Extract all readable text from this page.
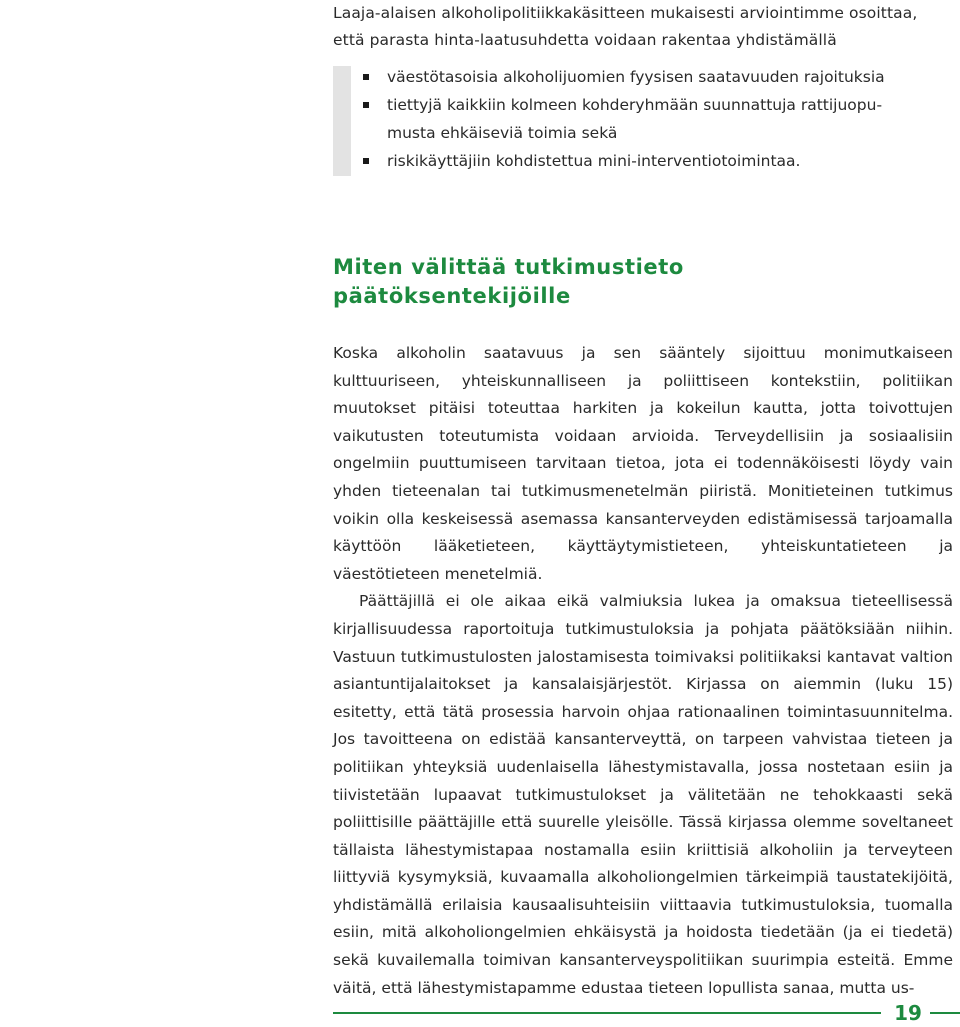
Laaja-alaisen alkoholipolitiikkakäsitteen mukaisesti arviointimme osoittaa,

että parasta hinta-laatusuhdetta voidaan rakentaa yhdistämällä

väestötasoisia alkoholijuomien fyysisen saatavuuden rajoituksia
tiettyjä kaikkiin kolmeen kohderyhmään suunnattuja rattijuopu-
musta ehkäiseviä toimia sekä
riskikäyttäjiin kohdistettua mini-interventiotoimintaa.
Miten välittää tutkimustieto
päätöksentekijöille

Koska alkoholin saatavuus ja sen sääntely sijoittuu monimutkaiseen kulttuuriseen, yhteiskunnalliseen ja poliittiseen kontekstiin, politiikan muutokset pitäisi toteuttaa harkiten ja kokeilun kautta, jotta toivottujen vaikutusten toteutumista voidaan arvioida. Terveydellisiin ja sosiaalisiin ongelmiin puuttumiseen tarvitaan tietoa, jota ei todennäköisesti löydy vain yhden tieteenalan tai tutkimusmenetelmän piiristä. Monitieteinen tutkimus voikin olla keskeisessä asemassa kansanterveyden edistämisessä tarjoamalla käyttöön lääketieteen, käyttäytymistieteen, yhteiskuntatieteen ja väestötieteen menetelmiä.

Päättäjillä ei ole aikaa eikä valmiuksia lukea ja omaksua tieteellisessä kirjallisuudessa raportoituja tutkimustuloksia ja pohjata päätöksiään niihin. Vastuun tutkimustulosten jalostamisesta toimivaksi politiikaksi kantavat valtion asiantuntijalaitokset ja kansalaisjärjestöt. Kirjassa on aiemmin (luku 15) esitetty, että tätä prosessia harvoin ohjaa rationaalinen toimintasuunnitelma. Jos tavoitteena on edistää kansanterveyttä, on tarpeen vahvistaa tieteen ja politiikan yhteyksiä uudenlaisella lähestymistavalla, jossa nostetaan esiin ja tiivistetään lupaavat tutkimustulokset ja välitetään ne tehokkaasti sekä poliittisille päättäjille että suurelle yleisölle. Tässä kirjassa olemme soveltaneet tällaista lähestymistapaa nostamalla esiin kriittisiä alkoholiin ja terveyteen liittyviä kysymyksiä, kuvaamalla alkoholiongelmien tärkeimpiä taustatekijöitä, yhdistämällä erilaisia kausaalisuhteisiin viittaavia tutkimustuloksia, tuomalla esiin, mitä alkoholiongelmien ehkäisystä ja hoidosta tiedetään (ja ei tiedetä) sekä kuvailemalla toimivan kansanterveyspolitiikan suurimpia esteitä. Emme väitä, että lähestymistapamme edustaa tieteen lopullista sanaa, mutta us-

19
